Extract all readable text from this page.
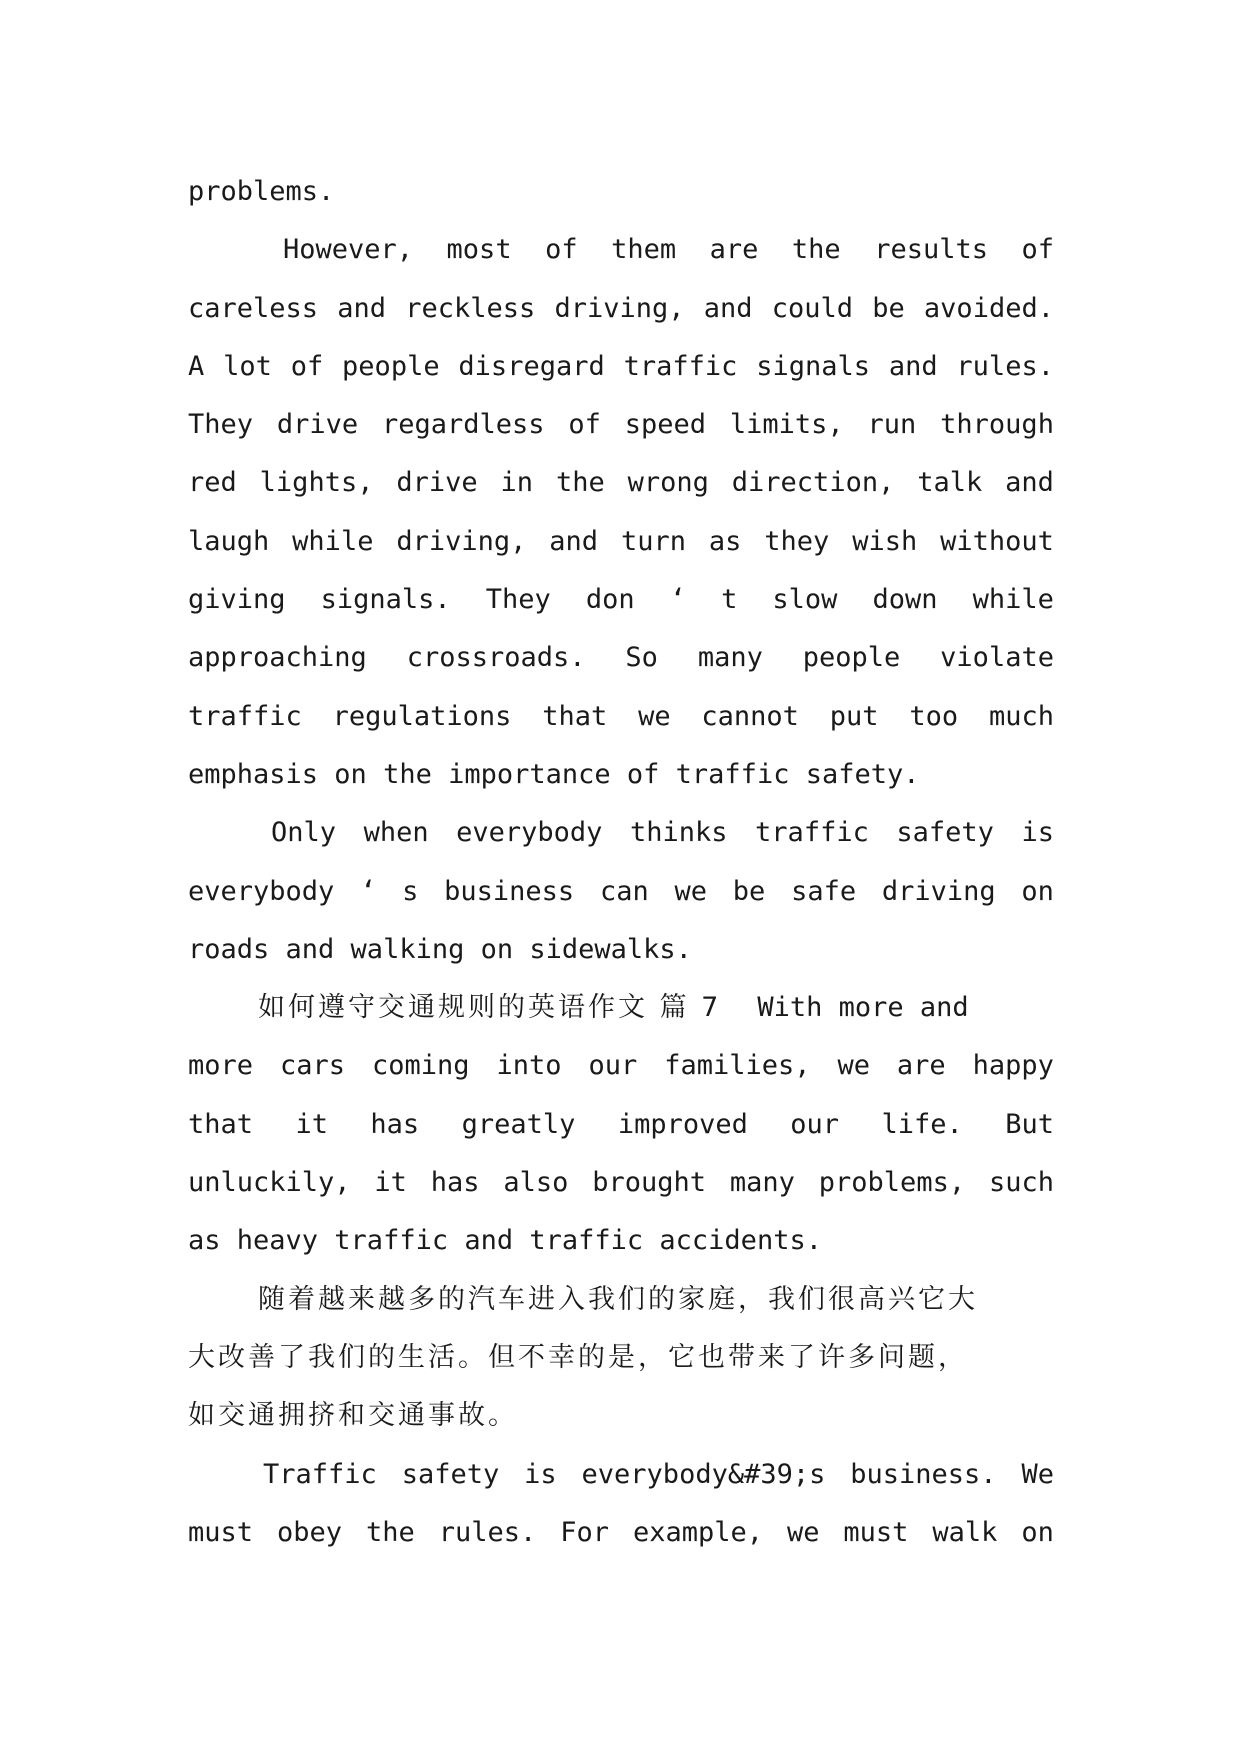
problems.
However, most of them are the results of
careless and reckless driving, and could be avoided.
A lot of people disregard traffic signals and rules.
They drive regardless of speed limits, run through
red lights, drive in the wrong direction, talk and
laugh while driving, and turn as they wish without
giving signals. They don ‘ t slow down while
approaching crossroads. So many people violate
traffic regulations that we cannot put too much
emphasis on the importance of traffic safety.
Only when everybody thinks traffic safety is
everybody ‘ s business can we be safe driving on
roads and walking on sidewalks.
如何遵守交通规则的英语作文 篇 7 With more and
more cars coming into our families, we are happy
that it has greatly improved our life. But
unluckily, it has also brought many problems, such
as heavy traffic and traffic accidents.
随着越来越多的汽车进入我们的家庭，我们很高兴它大
大改善了我们的生活。但不幸的是，它也带来了许多问题，
如交通拥挤和交通事故。
Traffic safety is everybody&#39;s business. We
must obey the rules. For example, we must walk on
